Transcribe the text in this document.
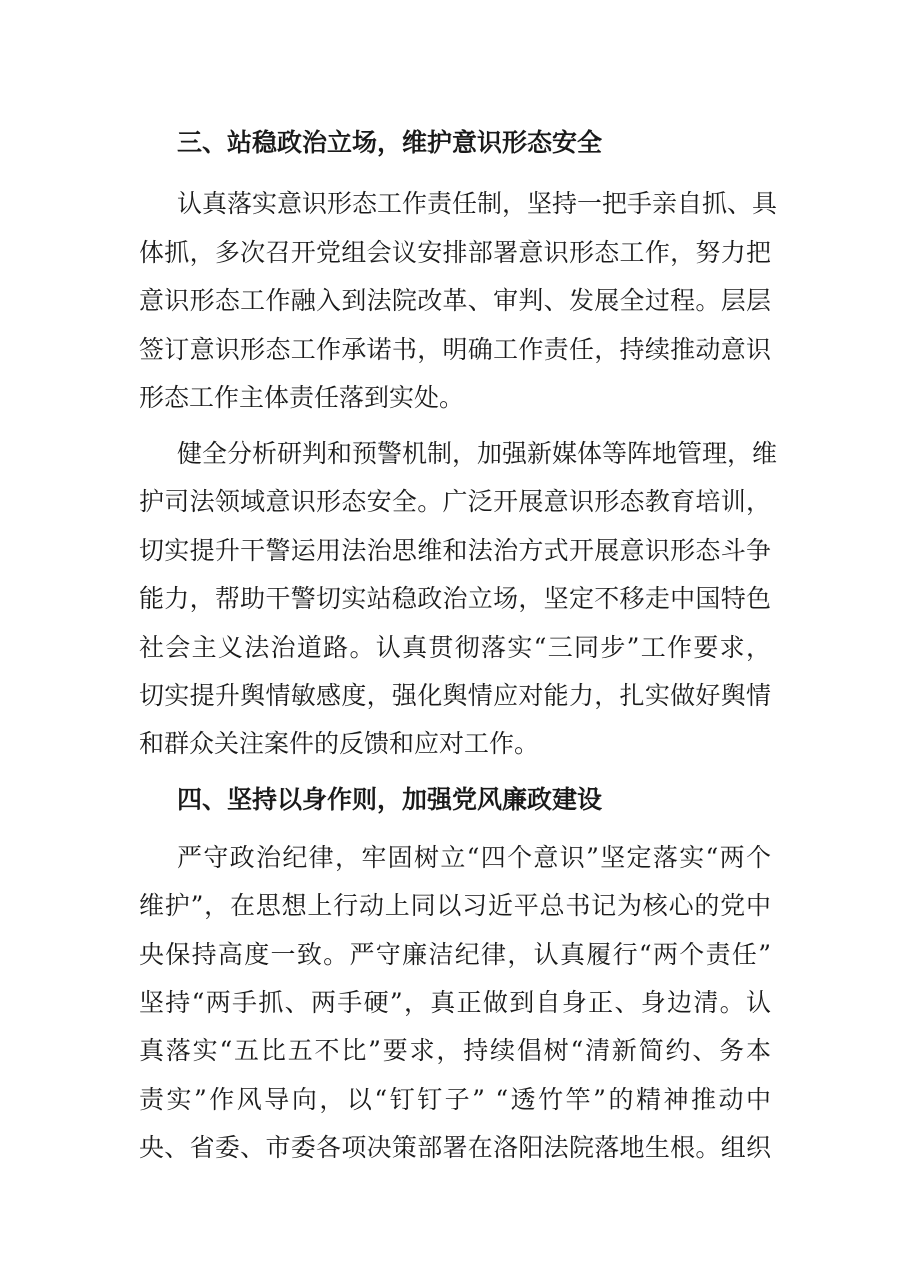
三、站稳政治立场，维护意识形态安全
认真落实意识形态工作责任制，坚持一把手亲自抓、具
体抓，多次召开党组会议安排部署意识形态工作，努力把
意识形态工作融入到法院改革、审判、发展全过程。层层
签订意识形态工作承诺书，明确工作责任，持续推动意识
形态工作主体责任落到实处。
健全分析研判和预警机制，加强新媒体等阵地管理，维
护司法领域意识形态安全。广泛开展意识形态教育培训，
切实提升干警运用法治思维和法治方式开展意识形态斗争
能力，帮助干警切实站稳政治立场，坚定不移走中国特色
社会主义法治道路。认真贯彻落实“三同步”工作要求，
切实提升舆情敏感度，强化舆情应对能力，扎实做好舆情
和群众关注案件的反馈和应对工作。
四、坚持以身作则，加强党风廉政建设
严守政治纪律，牢固树立“四个意识”坚定落实“两个
维护”，在思想上行动上同以习近平总书记为核心的党中
央保持高度一致。严守廉洁纪律，认真履行“两个责任”
坚持“两手抓、两手硬”，真正做到自身正、身边清。认
真落实“五比五不比”要求，持续倡树“清新简约、务本
责实”作风导向，以“钉钉子” “透竹竿”的精神推动中
央、省委、市委各项决策部署在洛阳法院落地生根。组织
